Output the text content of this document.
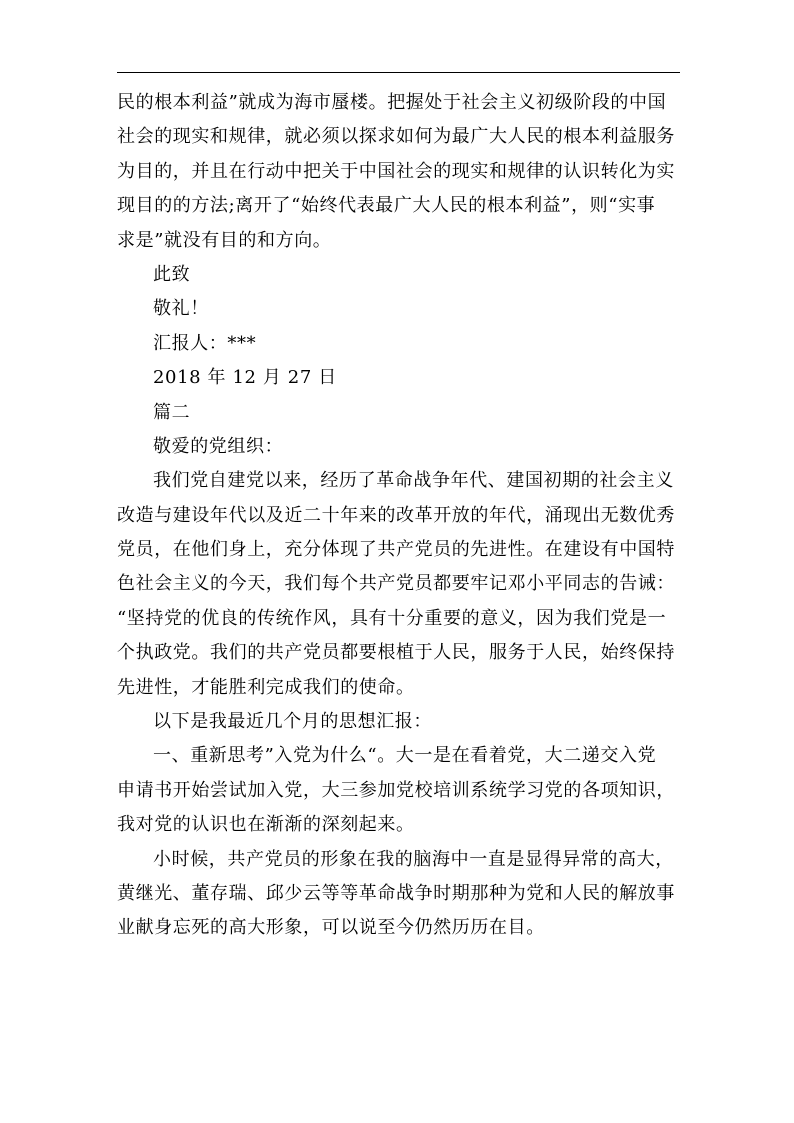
民的根本利益”就成为海市蜃楼。把握处于社会主义初级阶段的中国
社会的现实和规律，就必须以探求如何为最广大人民的根本利益服务
为目的，并且在行动中把关于中国社会的现实和规律的认识转化为实
现目的的方法;离开了“始终代表最广大人民的根本利益”，则“实事
求是”就没有目的和方向。
此致
敬礼！
汇报人：***
2018 年 12 月 27 日
篇二
敬爱的党组织：
我们党自建党以来，经历了革命战争年代、建国初期的社会主义
改造与建设年代以及近二十年来的改革开放的年代，涌现出无数优秀
党员，在他们身上，充分体现了共产党员的先进性。在建设有中国特
色社会主义的今天，我们每个共产党员都要牢记邓小平同志的告诫：
“坚持党的优良的传统作风，具有十分重要的意义，因为我们党是一
个执政党。我们的共产党员都要根植于人民，服务于人民，始终保持
先进性，才能胜利完成我们的使命。
以下是我最近几个月的思想汇报：
一、重新思考”入党为什么“。大一是在看着党，大二递交入党
申请书开始尝试加入党，大三参加党校培训系统学习党的各项知识，
我对党的认识也在渐渐的深刻起来。
小时候，共产党员的形象在我的脑海中一直是显得异常的高大，
黄继光、董存瑞、邱少云等等革命战争时期那种为党和人民的解放事
业献身忘死的高大形象，可以说至今仍然历历在目。
